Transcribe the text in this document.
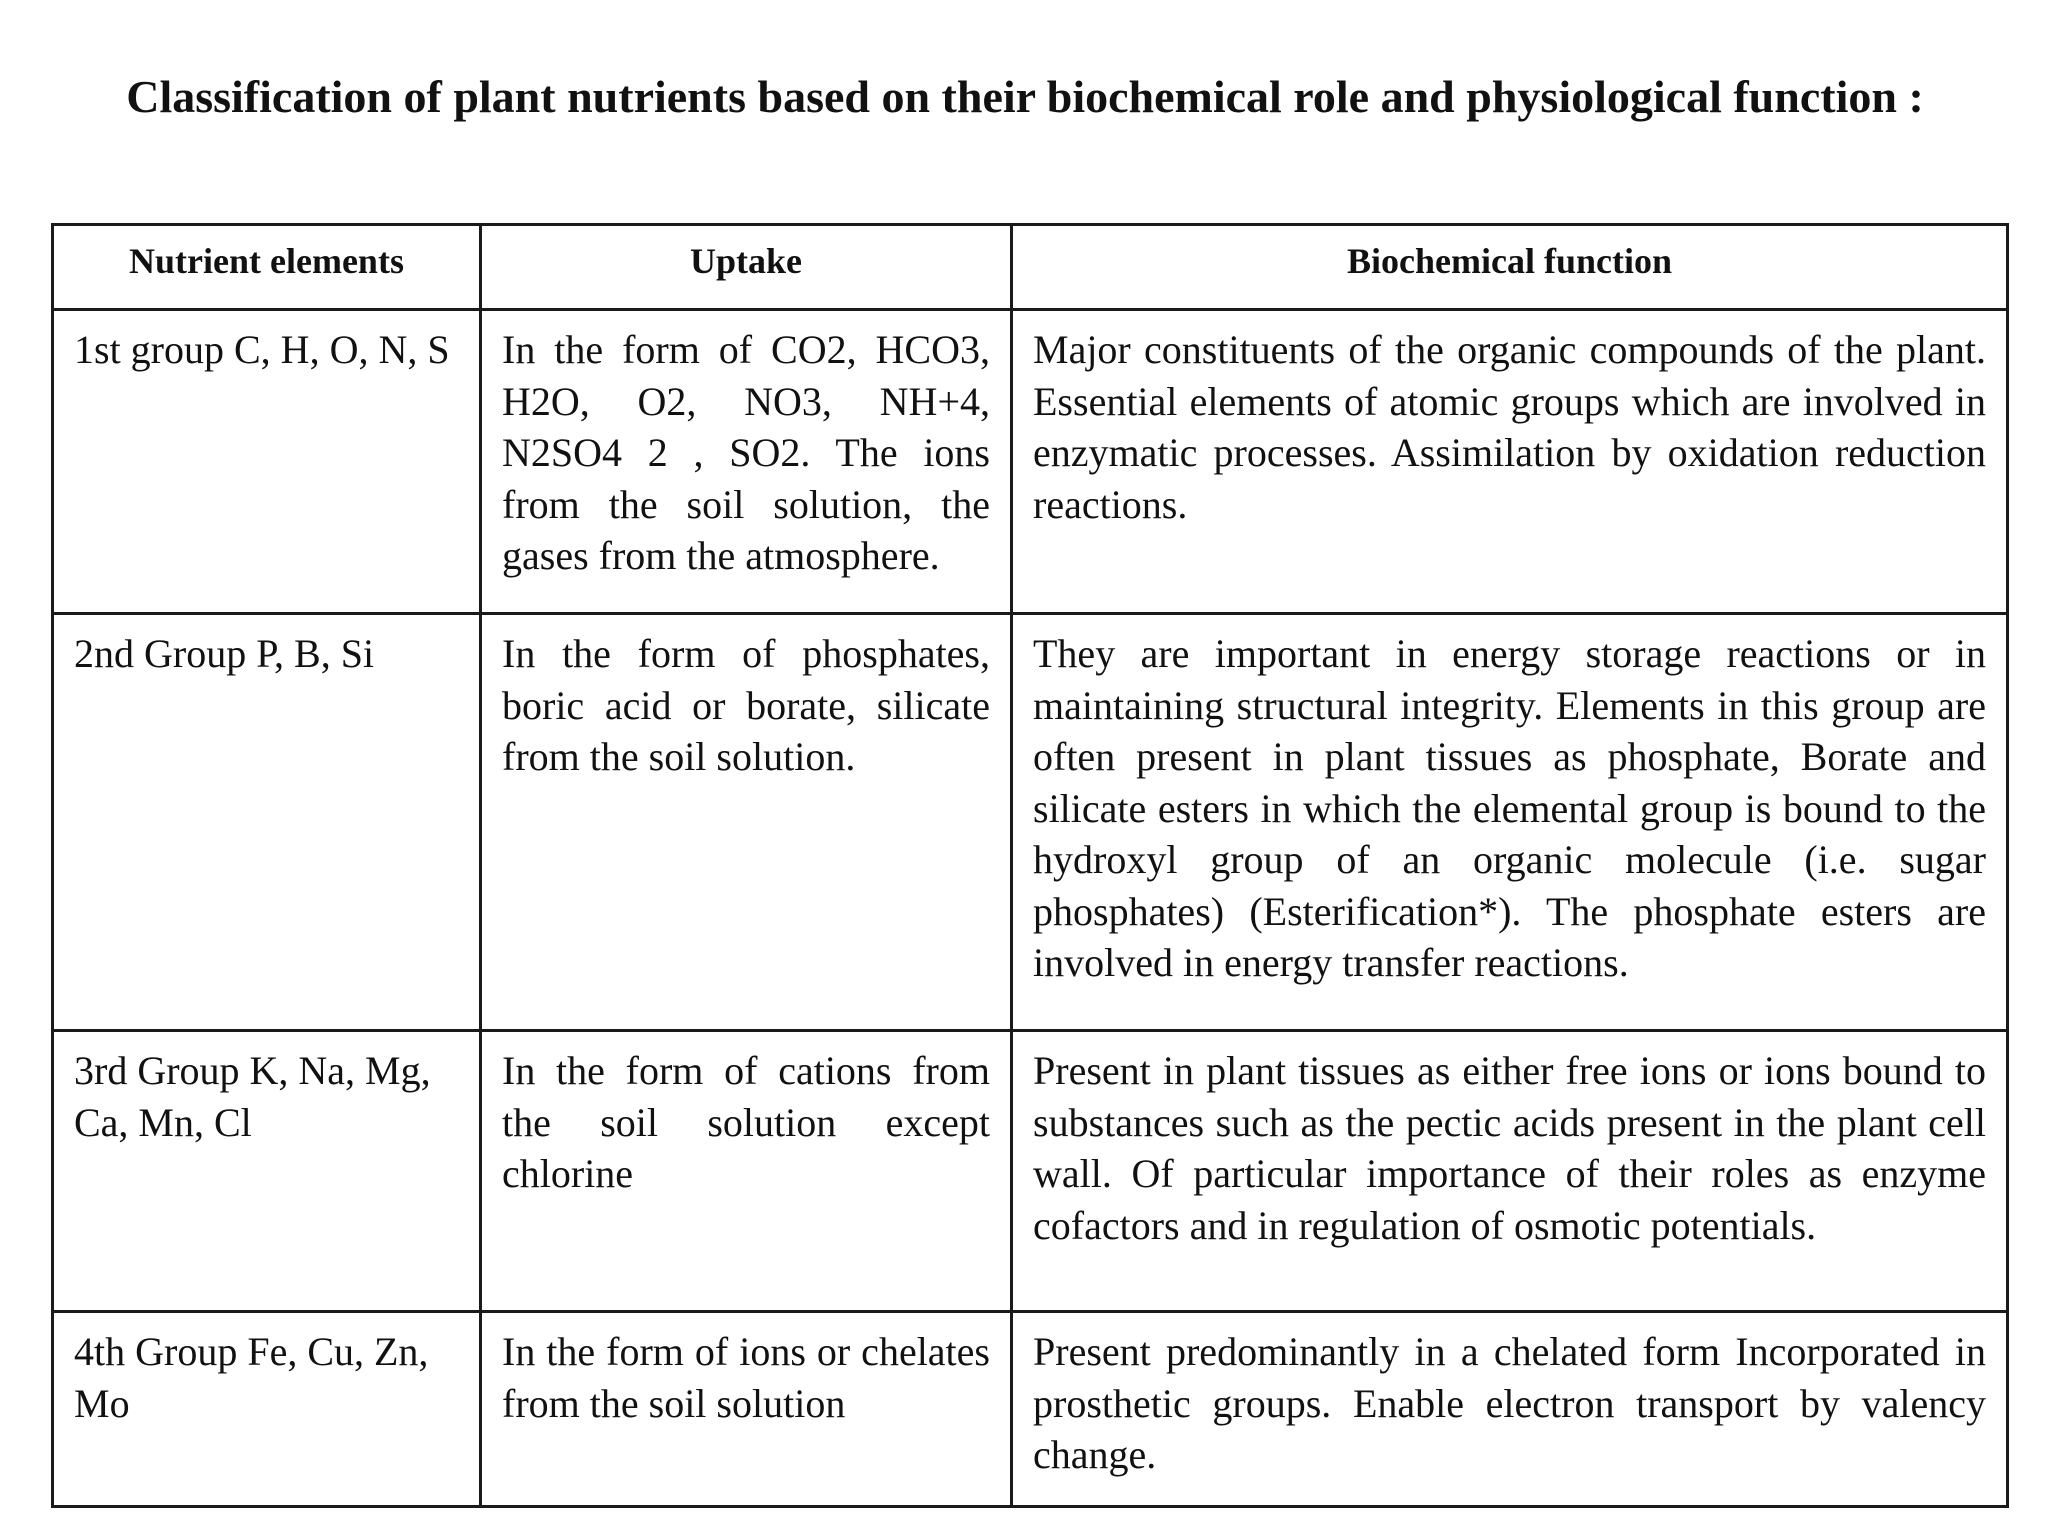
Classification of plant nutrients based on their biochemical role and physiological function :
Nutrient elements	Uptake	Biochemical function
1st group C, H, O, N, S	In the form of CO2, HCO3, H2O, O2, NO3, NH+4, N2SO4 2 , SO2. The ions from the soil solution, the gases from the atmosphere.	Major constituents of the organic compounds of the plant. Essential elements of atomic groups which are involved in enzymatic processes. Assimilation by oxidation reduction reactions.
2nd Group P, B, Si	In the form of phosphates, boric acid or borate, silicate from the soil solution.	They are important in energy storage reactions or in maintaining structural integrity. Elements in this group are often present in plant tissues as phosphate, Borate and silicate esters in which the elemental group is bound to the hydroxyl group of an organic molecule (i.e. sugar phosphates) (Esterification*). The phosphate esters are involved in energy transfer reactions.
3rd Group K, Na, Mg, Ca, Mn, Cl	In the form of cations from the soil solution except chlorine	Present in plant tissues as either free ions or ions bound to substances such as the pectic acids present in the plant cell wall. Of particular importance of their roles as enzyme cofactors and in regulation of osmotic potentials.
4th Group Fe, Cu, Zn, Mo	In the form of ions or chelates from the soil solution	Present predominantly in a chelated form Incorporated in prosthetic groups. Enable electron transport by valency change.
